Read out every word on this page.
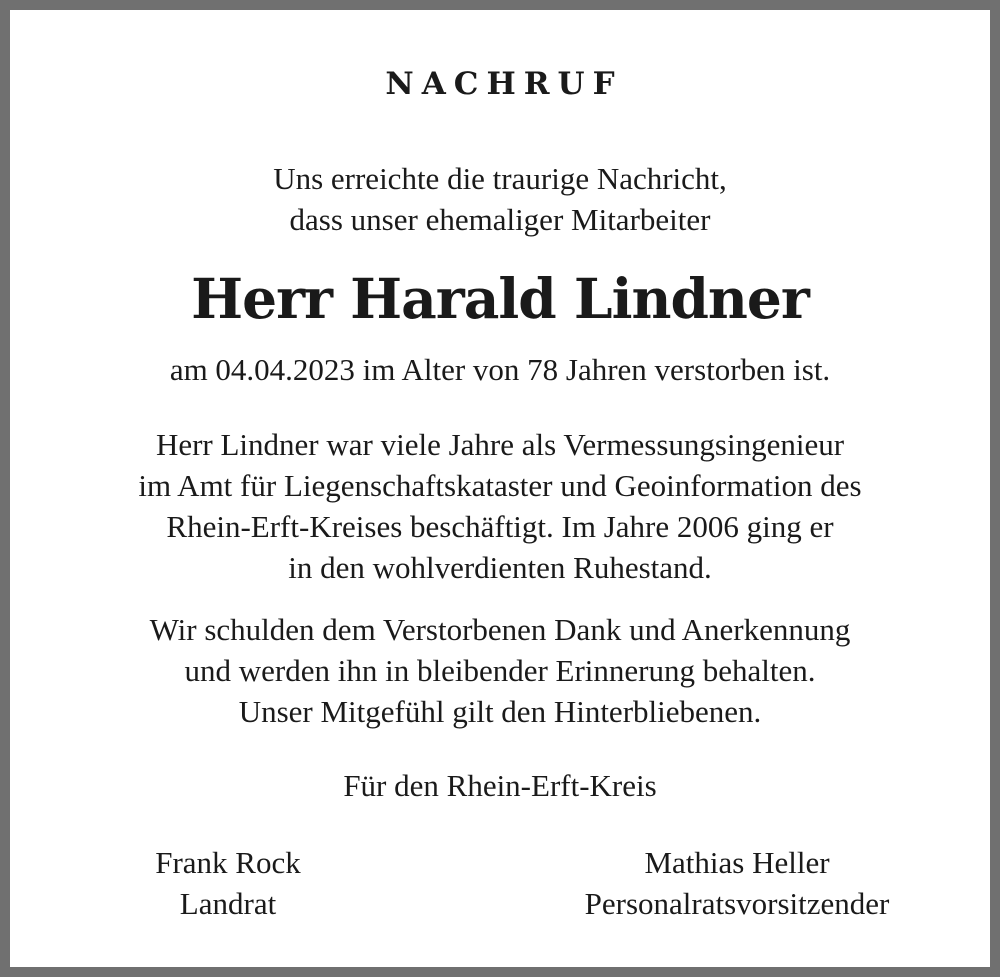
NACHRUF
Uns erreichte die traurige Nachricht,
dass unser ehemaliger Mitarbeiter
Herr Harald Lindner
am 04.04.2023 im Alter von 78 Jahren verstorben ist.
Herr Lindner war viele Jahre als Vermessungsingenieur
im Amt für Liegenschaftskataster und Geoinformation des
Rhein-Erft-Kreises beschäftigt. Im Jahre 2006 ging er
in den wohlverdienten Ruhestand.
Wir schulden dem Verstorbenen Dank und Anerkennung
und werden ihn in bleibender Erinnerung behalten.
Unser Mitgefühl gilt den Hinterbliebenen.
Für den Rhein-Erft-Kreis
Frank Rock
Landrat
Mathias Heller
Personalratsvorsitzender
